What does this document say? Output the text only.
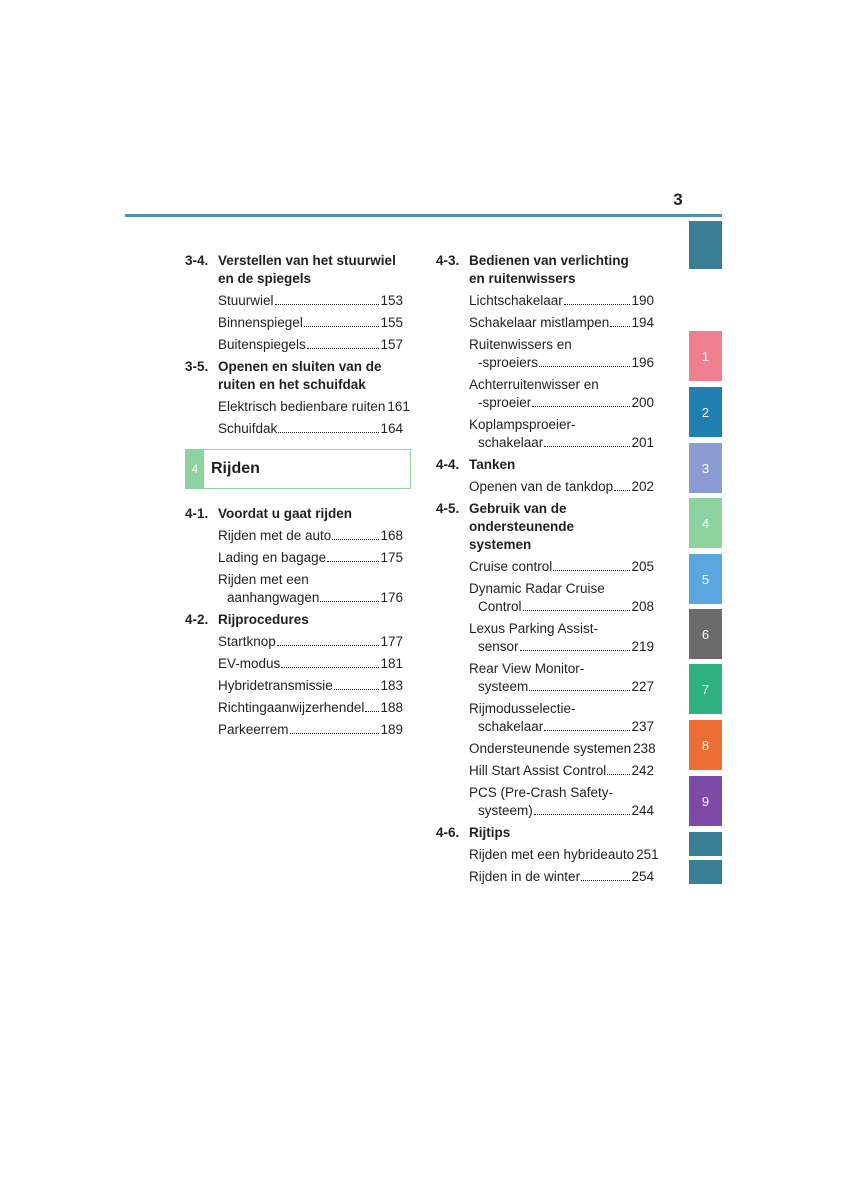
3
3-4. Verstellen van het stuurwiel
en de spiegels
Stuurwiel	153
Binnenspiegel	155
Buitenspiegels	157
3-5. Openen en sluiten van de
ruiten en het schuifdak
Elektrisch bedienbare ruiten 161
Schuifdak	164
4 Rijden
4-1. Voordat u gaat rijden
Rijden met de auto	168
Lading en bagage	175
Rijden met een
aanhangwagen	176
4-2. Rijprocedures
Startknop	177
EV-modus	181
Hybridetransmissie	183
Richtingaanwijzerhendel 188
Parkeerrem	189
4-3. Bedienen van verlichting
en ruitenwissers
Lichtschakelaar	190
Schakelaar mistlampen 194
Ruitenwissers en
-sproeiers	196
Achterruitenwisser en
-sproeier	200
Koplampsproeier-
schakelaar	201
4-4. Tanken
Openen van de tankdop 202
4-5. Gebruik van de ondersteunende
systemen
Cruise control	205
Dynamic Radar Cruise
Control	208
Lexus Parking Assist-
sensor	219
Rear View Monitor-
systeem	227
Rijmodusselectie-
schakelaar	237
Ondersteunende systemen 238
Hill Start Assist Control 242
PCS (Pre-Crash Safety-
systeem)	244
4-6. Rijtips
Rijden met een hybrideauto 251
Rijden in de winter	254
1
2
3
4
5
6
7
8
9
